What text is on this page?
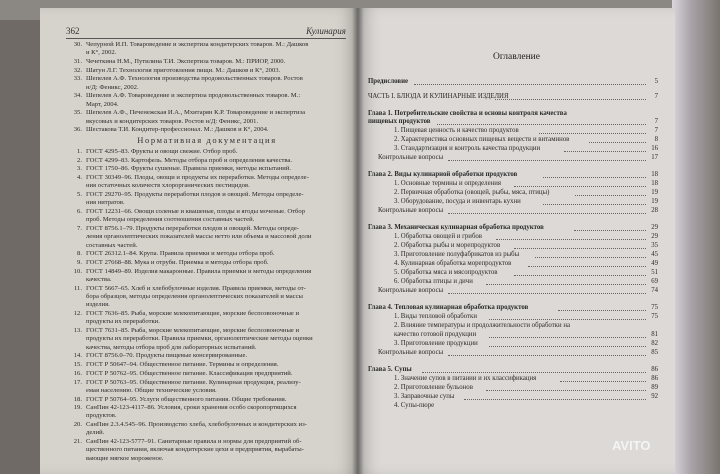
362	Кулинария
30. Чепурной И.П. Товароведение и экспертиза кондитерских товаров. М.: Дашков
и К°, 2002.
31. Чечеткина Н.М., Путилина Т.И. Экспертиза товаров. М.: ПРИОР, 2000.
32. Шатун Л.Г. Технология приготовления пищи. М.: Дашков и К°, 2003.
33. Шепелев А.Ф. Технология производства продовольственных товаров. Ростов
н/Д: Феникс, 2002.
34. Шепелев А.Ф. Товароведение и экспертиза продовольственных товаров. М.:
Март, 2004.
35. Шепелев А.Ф., Печенежская И.А., Мхитарян К.Р. Товароведение и экспертиза
вкусовых и кондитерских товаров. Ростов н/Д: Феникс, 2001.
36. Шестакова Т.И. Кондитер-профессионал. М.: Дашков и К°, 2004.
Нормативная документация
1. ГОСТ 4295–83. Фрукты и овощи свежие. Отбор проб.
2. ГОСТ 4299–83. Картофель. Методы отбора проб и определения качества.
3. ГОСТ 1750–86. Фрукты сушеные. Правила приемки, методы испытаний.
4. ГОСТ 30349–96. Плоды, овощи и продукты их переработки. Методы определе-
ния остаточных количеств хлорорганических пестицидов.
5. ГОСТ 29270–95. Продукты переработки плодов и овощей. Методы определе-
ния нитратов.
6. ГОСТ 12231–66. Овощи соленые и квашеные, плоды и ягоды моченые. Отбор
проб. Методы определения соотношения составных частей.
7. ГОСТ 8756.1–79. Продукты переработки плодов и овощей. Методы опреде-
ления органолептических показателей массы нетто или объема и массовой доли
составных частей.
8. ГОСТ 26312.1–84. Крупа. Правила приемки и методы отбора проб.
9. ГОСТ 27668–88. Мука и отруби. Приемка и методы отбора проб.
10. ГОСТ 14849–89. Изделия макаронные. Правила приемки и методы определения
качества.
11. ГОСТ 5667–65. Хлеб и хлебобулочные изделия. Правила приемки, методы от-
бора образцов, методы определения органолептических показателей и массы
изделия.
12. ГОСТ 7636–85. Рыба, морские млекопитающие, морские беспозвоночные и
продукты их переработки.
13. ГОСТ 7631–85. Рыба, морские млекопитающие, морские беспозвоночные и
продукты их переработки. Правила приемки, органолептические методы оценки
качества, методы отбора проб для лабораторных испытаний.
14. ГОСТ 8756.0–70. Продукты пищевые консервированные.
15. ГОСТ Р 50647–94. Общественное питание. Термины и определения.
16. ГОСТ Р 50762–95. Общественное питание. Классификация предприятий.
17. ГОСТ Р 50763–95. Общественное питание. Кулинарная продукция, реализу-
емая населению. Общие технические условия.
18. ГОСТ Р 50764–95. Услуги общественного питания. Общие требования.
19. СанПин 42-123-4117–86. Условия, сроки хранения особо скоропортящихся
продуктов.
20. СанПин 2.3.4.545–96. Производство хлеба, хлебобулочных и кондитерских из-
делий.
21. СанПин 42-123-5777–91. Санитарные правила и нормы для предприятий об-
щественного питания, включая кондитерские цехи и предприятия, вырабаты-
вающие мягкое мороженое.
Оглавление
Предисловие	5
ЧАСТЬ I. БЛЮДА И КУЛИНАРНЫЕ ИЗДЕЛИЯ	7
Глава 1. Потребительские свойства и основы контроля качества
пищевых продуктов	7
1. Пищевая ценность и качество продуктов	7
2. Характеристика основных пищевых веществ и витаминов	8
3. Стандартизация и контроль качества продукции	16
Контрольные вопросы	17
Глава 2. Виды кулинарной обработки продуктов	18
1. Основные термины и определения	18
2. Первичная обработка (овощей, рыбы, мяса, птицы)	19
3. Оборудование, посуда и инвентарь кухни	19
Контрольные вопросы	28
Глава 3. Механическая кулинарная обработка продуктов	29
1. Обработка овощей и грибов	29
2. Обработка рыбы и морепродуктов	35
3. Приготовление полуфабрикатов из рыбы	45
4. Кулинарная обработка морепродуктов	49
5. Обработка мяса и мясопродуктов	51
6. Обработка птицы и дичи	69
Контрольные вопросы	74
Глава 4. Тепловая кулинарная обработка продуктов	75
1. Виды тепловой обработки	75
2. Влияние температуры и продолжительности обработки на
качество готовой продукции	81
3. Приготовление продукции	82
Контрольные вопросы	85
Глава 5. Супы	86
1. Значение супов в питании и их классификация	86
2. Приготовление бульонов	89
3. Заправочные супы	92
4. Супы-пюре
AVITO
